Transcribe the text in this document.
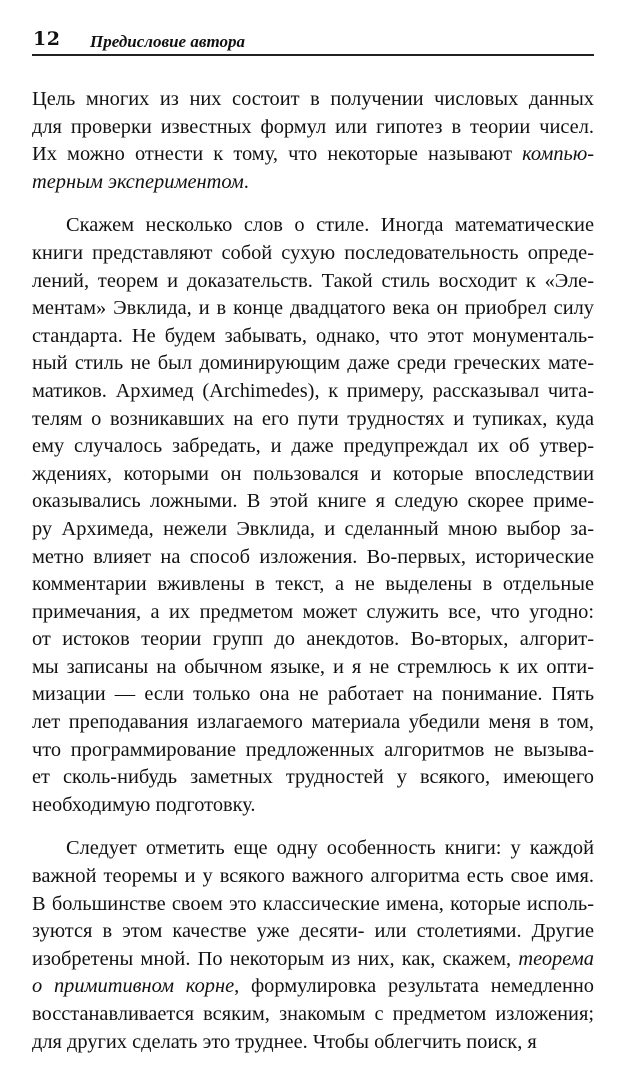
12 Предисловие автора
Цель многих из них состоит в получении числовых данных
для проверки известных формул или гипотез в теории чисел.
Их можно отнести к тому, что некоторые называют компью-
терным экспериментом.
Скажем несколько слов о стиле. Иногда математические
книги представляют собой сухую последовательность опреде-
лений, теорем и доказательств. Такой стиль восходит к «Эле-
ментам» Эвклида, и в конце двадцатого века он приобрел силу
стандарта. Не будем забывать, однако, что этот монументаль-
ный стиль не был доминирующим даже среди греческих мате-
матиков. Архимед (Archimedes), к примеру, рассказывал чита-
телям о возникавших на его пути трудностях и тупиках, куда
ему случалось забредать, и даже предупреждал их об утвер-
ждениях, которыми он пользовался и которые впоследствии
оказывались ложными. В этой книге я следую скорее приме-
ру Архимеда, нежели Эвклида, и сделанный мною выбор за-
метно влияет на способ изложения. Во-первых, исторические
комментарии вживлены в текст, а не выделены в отдельные
примечания, а их предметом может служить все, что угодно:
от истоков теории групп до анекдотов. Во-вторых, алгорит-
мы записаны на обычном языке, и я не стремлюсь к их опти-
мизации — если только она не работает на понимание. Пять
лет преподавания излагаемого материала убедили меня в том,
что программирование предложенных алгоритмов не вызыва-
ет сколь-нибудь заметных трудностей у всякого, имеющего
необходимую подготовку.
Следует отметить еще одну особенность книги: у каждой
важной теоремы и у всякого важного алгоритма есть свое имя.
В большинстве своем это классические имена, которые исполь-
зуются в этом качестве уже десяти- или столетиями. Другие
изобретены мной. По некоторым из них, как, скажем, теорема
о примитивном корне, формулировка результата немедленно
восстанавливается всяким, знакомым с предметом изложения;
для других сделать это труднее. Чтобы облегчить поиск, я
